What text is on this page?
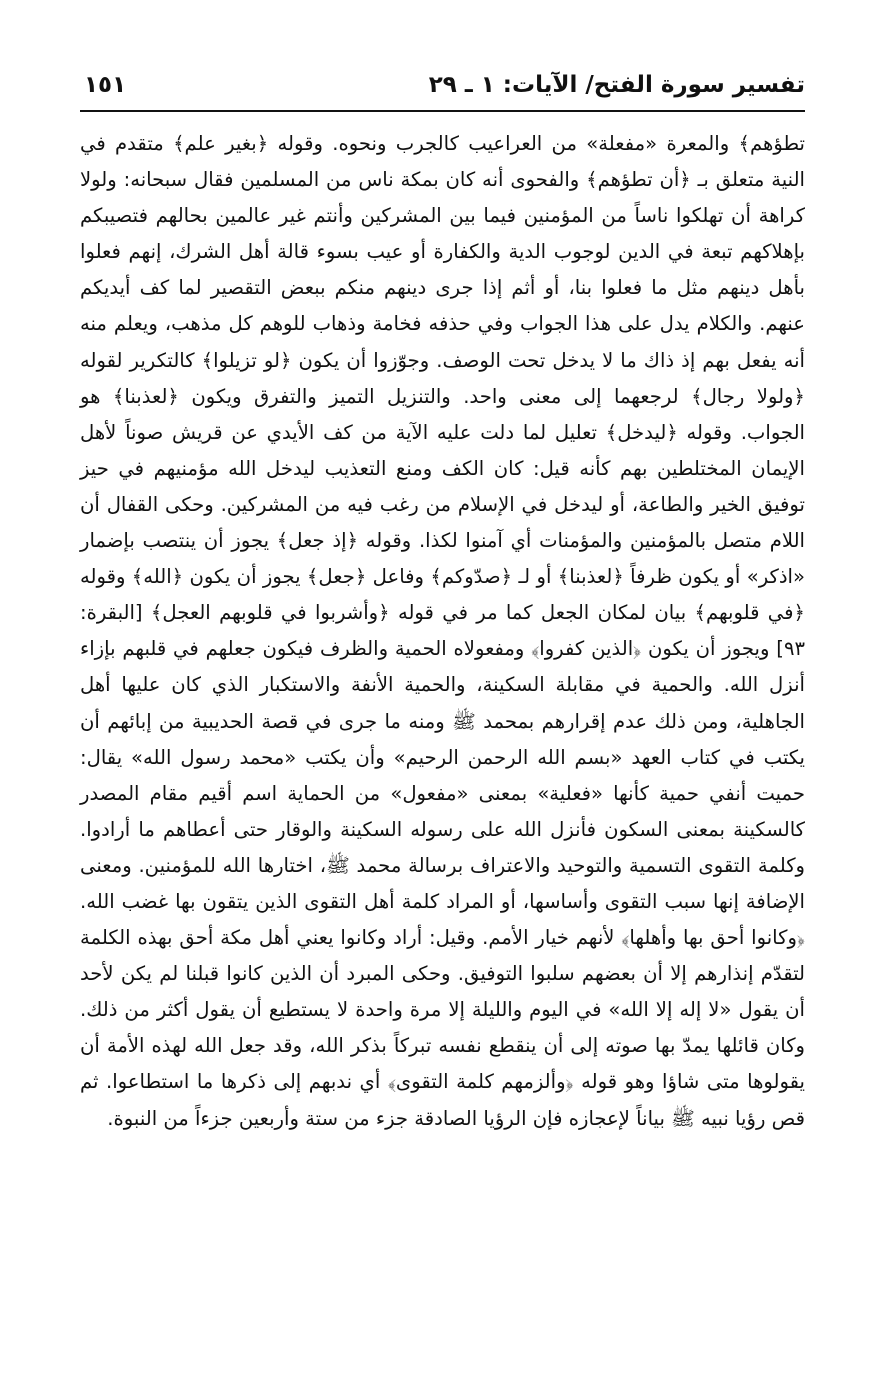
تفسير سورة الفتح/ الآيات: ١ ـ ٢٩
١٥١
تطؤهم﴾ والمعرة «مفعلة» من العراعيب كالجرب ونحوه. وقوله ﴿بغير علم﴾ متقدم في النية متعلق بـ ﴿أن تطؤهم﴾ والفحوى أنه كان بمكة ناس من المسلمين فقال سبحانه: ولولا كراهة أن تهلكوا ناساً من المؤمنين فيما بين المشركين وأنتم غير عالمين بحالهم فتصيبكم بإهلاكهم تبعة في الدين لوجوب الدية والكفارة أو عيب بسوء قالة أهل الشرك، إنهم فعلوا بأهل دينهم مثل ما فعلوا بنا، أو أثم إذا جرى دينهم منكم ببعض التقصير لما كف أيديكم عنهم. والكلام يدل على هذا الجواب وفي حذفه فخامة وذهاب للوهم كل مذهب، ويعلم منه أنه يفعل بهم إذ ذاك ما لا يدخل تحت الوصف. وجوّزوا أن يكون ﴿لو تزيلوا﴾ كالتكرير لقوله ﴿ولولا رجال﴾ لرجعهما إلى معنى واحد. والتنزيل التميز والتفرق ويكون ﴿لعذبنا﴾ هو الجواب. وقوله ﴿ليدخل﴾ تعليل لما دلت عليه الآية من كف الأيدي عن قريش صوناً لأهل الإيمان المختلطين بهم كأنه قيل: كان الكف ومنع التعذيب ليدخل الله مؤمنيهم في حيز توفيق الخير والطاعة، أو ليدخل في الإسلام من رغب فيه من المشركين. وحكى القفال أن اللام متصل بالمؤمنين والمؤمنات أي آمنوا لكذا. وقوله ﴿إذ جعل﴾ يجوز أن ينتصب بإضمار «اذكر» أو يكون ظرفاً ﴿لعذبنا﴾ أو لـ ﴿صدّوكم﴾ وفاعل ﴿جعل﴾ يجوز أن يكون ﴿الله﴾ وقوله ﴿في قلوبهم﴾ بيان لمكان الجعل كما مر في قوله ﴿وأشربوا في قلوبهم العجل﴾ [البقرة: ٩٣] ويجوز أن يكون ﴿الذين كفروا﴾ ومفعولاه الحمية والظرف فيكون جعلهم في قلبهم بإزاء أنزل الله. والحمية في مقابلة السكينة، والحمية الأنفة والاستكبار الذي كان عليها أهل الجاهلية، ومن ذلك عدم إقرارهم بمحمد ﷺ ومنه ما جرى في قصة الحديبية من إبائهم أن يكتب في كتاب العهد «بسم الله الرحمن الرحيم» وأن يكتب «محمد رسول الله» يقال: حميت أنفي حمية كأنها «فعلية» بمعنى «مفعول» من الحماية اسم أقيم مقام المصدر كالسكينة بمعنى السكون فأنزل الله على رسوله السكينة والوقار حتى أعطاهم ما أرادوا. وكلمة التقوى التسمية والتوحيد والاعتراف برسالة محمد ﷺ، اختارها الله للمؤمنين. ومعنى الإضافة إنها سبب التقوى وأساسها، أو المراد كلمة أهل التقوى الذين يتقون بها غضب الله. ﴿وكانوا أحق بها وأهلها﴾ لأنهم خيار الأمم. وقيل: أراد وكانوا يعني أهل مكة أحق بهذه الكلمة لتقدّم إنذارهم إلا أن بعضهم سلبوا التوفيق. وحكى المبرد أن الذين كانوا قبلنا لم يكن لأحد أن يقول «لا إله إلا الله» في اليوم والليلة إلا مرة واحدة لا يستطيع أن يقول أكثر من ذلك. وكان قائلها يمدّ بها صوته إلى أن ينقطع نفسه تبركاً بذكر الله، وقد جعل الله لهذه الأمة أن يقولوها متى شاؤا وهو قوله ﴿وألزمهم كلمة التقوى﴾ أي ندبهم إلى ذكرها ما استطاعوا. ثم قص رؤيا نبيه ﷺ بياناً لإعجازه فإن الرؤيا الصادقة جزء من ستة وأربعين جزءاً من النبوة.
